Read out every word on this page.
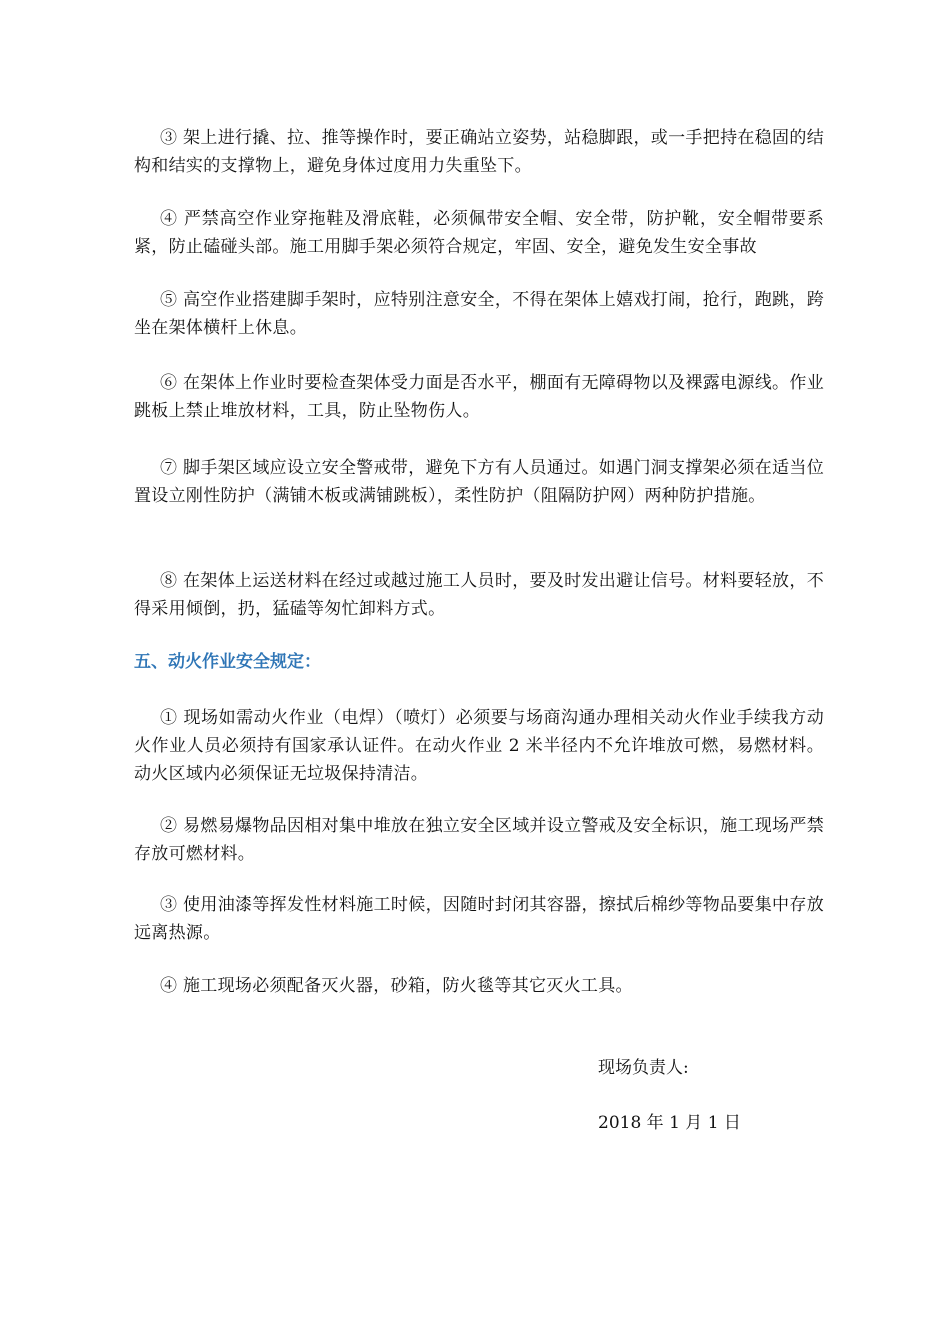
③ 架上进行撬、拉、推等操作时，要正确站立姿势，站稳脚跟，或一手把持在稳固的结构和结实的支撑物上，避免身体过度用力失重坠下。

④ 严禁高空作业穿拖鞋及滑底鞋，必须佩带安全帽、安全带，防护靴，安全帽带要系紧，防止磕碰头部。施工用脚手架必须符合规定，牢固、安全，避免发生安全事故

⑤ 高空作业搭建脚手架时，应特别注意安全，不得在架体上嬉戏打闹，抢行，跑跳，跨坐在架体横杆上休息。

⑥ 在架体上作业时要检查架体受力面是否水平，棚面有无障碍物以及裸露电源线。作业跳板上禁止堆放材料，工具，防止坠物伤人。

⑦ 脚手架区域应设立安全警戒带，避免下方有人员通过。如遇门洞支撑架必须在适当位置设立刚性防护（满铺木板或满铺跳板），柔性防护（阻隔防护网）两种防护措施。

⑧ 在架体上运送材料在经过或越过施工人员时，要及时发出避让信号。材料要轻放，不得采用倾倒，扔，猛磕等匆忙卸料方式。

五、动火作业安全规定：

① 现场如需动火作业（电焊）（喷灯）必须要与场商沟通办理相关动火作业手续我方动火作业人员必须持有国家承认证件。在动火作业 2 米半径内不允许堆放可燃，易燃材料。动火区域内必须保证无垃圾保持清洁。

② 易燃易爆物品因相对集中堆放在独立安全区域并设立警戒及安全标识，施工现场严禁存放可燃材料。

③ 使用油漆等挥发性材料施工时候，因随时封闭其容器，擦拭后棉纱等物品要集中存放远离热源。

④ 施工现场必须配备灭火器，砂箱，防火毯等其它灭火工具。

现场负责人:
2018 年 1 月 1 日
